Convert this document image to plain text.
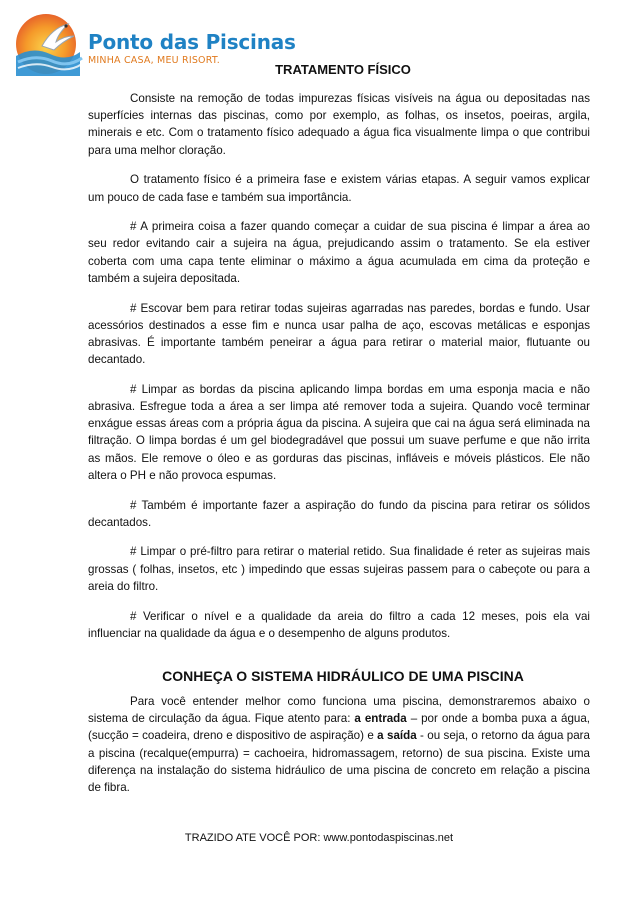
Ponto das Piscinas
MINHA CASA, MEU RISORT.
TRATAMENTO FÍSICO

Consiste na remoção de todas impurezas físicas visíveis na água ou depositadas nas superfícies internas das piscinas, como por exemplo, as folhas, os insetos, poeiras, argila, minerais e etc. Com o tratamento físico adequado a água fica visualmente limpa o que contribui para uma melhor cloração.

O tratamento físico é a primeira fase e existem várias etapas. A seguir vamos explicar um pouco de cada fase e também sua importância.

# A primeira coisa a fazer quando começar a cuidar de sua piscina é limpar a área ao seu redor evitando cair a sujeira na água, prejudicando assim o tratamento. Se ela estiver coberta com uma capa tente eliminar o máximo a água acumulada em cima da proteção e também a sujeira depositada.

# Escovar bem para retirar todas sujeiras agarradas nas paredes, bordas e fundo. Usar acessórios destinados a esse fim e nunca usar palha de aço, escovas metálicas e esponjas abrasivas. É importante também peneirar a água para retirar o material maior, flutuante ou decantado.

# Limpar as bordas da piscina aplicando limpa bordas em uma esponja macia e não abrasiva. Esfregue toda a área a ser limpa até remover toda a sujeira. Quando você terminar enxágue essas áreas com a própria água da piscina. A sujeira que cai na água será eliminada na filtração. O limpa bordas é um gel biodegradável que possui um suave perfume e que não irrita as mãos. Ele remove o óleo e as gorduras das piscinas, infláveis e móveis plásticos. Ele não altera o PH e não provoca espumas.

# Também é importante fazer a aspiração do fundo da piscina para retirar os sólidos decantados.

# Limpar o pré-filtro para retirar o material retido. Sua finalidade é reter as sujeiras mais grossas ( folhas, insetos, etc ) impedindo que essas sujeiras passem para o cabeçote ou para a areia do filtro.

# Verificar o nível e a qualidade da areia do filtro a cada 12 meses, pois ela vai influenciar na qualidade da água e o desempenho de alguns produtos.

CONHEÇA O SISTEMA HIDRÁULICO DE UMA PISCINA

Para você entender melhor como funciona uma piscina, demonstraremos abaixo o sistema de circulação da água. Fique atento para: a entrada – por onde a bomba puxa a água, (sucção = coadeira, dreno e dispositivo de aspiração) e a saída - ou seja, o retorno da água para a piscina (recalque(empurra) = cachoeira, hidromassagem, retorno) de sua piscina. Existe uma diferença na instalação do sistema hidráulico de uma piscina de concreto em relação a piscina de fibra.

TRAZIDO ATE VOCÊ POR: www.pontodaspiscinas.net
